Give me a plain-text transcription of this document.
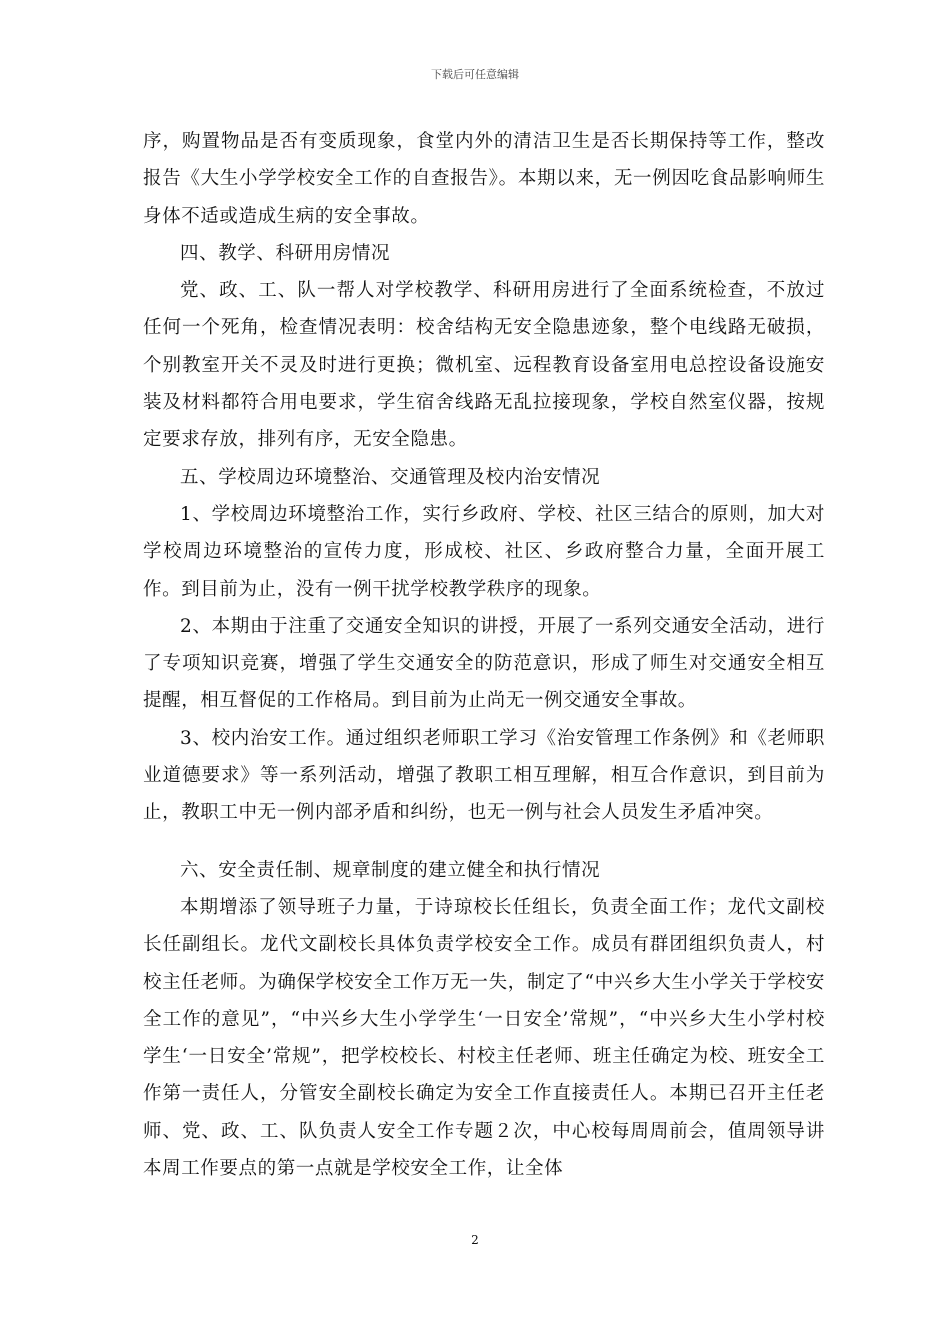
下载后可任意编辑

序，购置物品是否有变质现象，食堂内外的清洁卫生是否长期保持等工作，整改报告《大生小学学校安全工作的自查报告》。本期以来，无一例因吃食品影响师生身体不适或造成生病的安全事故。

四、教学、科研用房情况

党、政、工、队一帮人对学校教学、科研用房进行了全面系统检查，不放过任何一个死角，检查情况表明：校舍结构无安全隐患迹象，整个电线路无破损，个别教室开关不灵及时进行更换；微机室、远程教育设备室用电总控设备设施安装及材料都符合用电要求，学生宿舍线路无乱拉接现象，学校自然室仪器，按规定要求存放，排列有序，无安全隐患。

五、学校周边环境整治、交通管理及校内治安情况

1、学校周边环境整治工作，实行乡政府、学校、社区三结合的原则，加大对学校周边环境整治的宣传力度，形成校、社区、乡政府整合力量，全面开展工作。到目前为止，没有一例干扰学校教学秩序的现象。

2、本期由于注重了交通安全知识的讲授，开展了一系列交通安全活动，进行了专项知识竞赛，增强了学生交通安全的防范意识，形成了师生对交通安全相互提醒，相互督促的工作格局。到目前为止尚无一例交通安全事故。

3、校内治安工作。通过组织老师职工学习《治安管理工作条例》和《老师职业道德要求》等一系列活动，增强了教职工相互理解，相互合作意识，到目前为止，教职工中无一例内部矛盾和纠纷，也无一例与社会人员发生矛盾冲突。

六、安全责任制、规章制度的建立健全和执行情况

本期增添了领导班子力量，于诗琼校长任组长，负责全面工作；龙代文副校长任副组长。龙代文副校长具体负责学校安全工作。成员有群团组织负责人，村校主任老师。为确保学校安全工作万无一失，制定了“中兴乡大生小学关于学校安全工作的意见”，“中兴乡大生小学学生‘一日安全’常规”，“中兴乡大生小学村校学生‘一日安全’常规”，把学校校长、村校主任老师、班主任确定为校、班安全工作第一责任人，分管安全副校长确定为安全工作直接责任人。本期已召开主任老师、党、政、工、队负责人安全工作专题２次，中心校每周周前会，值周领导讲本周工作要点的第一点就是学校安全工作，让全体

2
